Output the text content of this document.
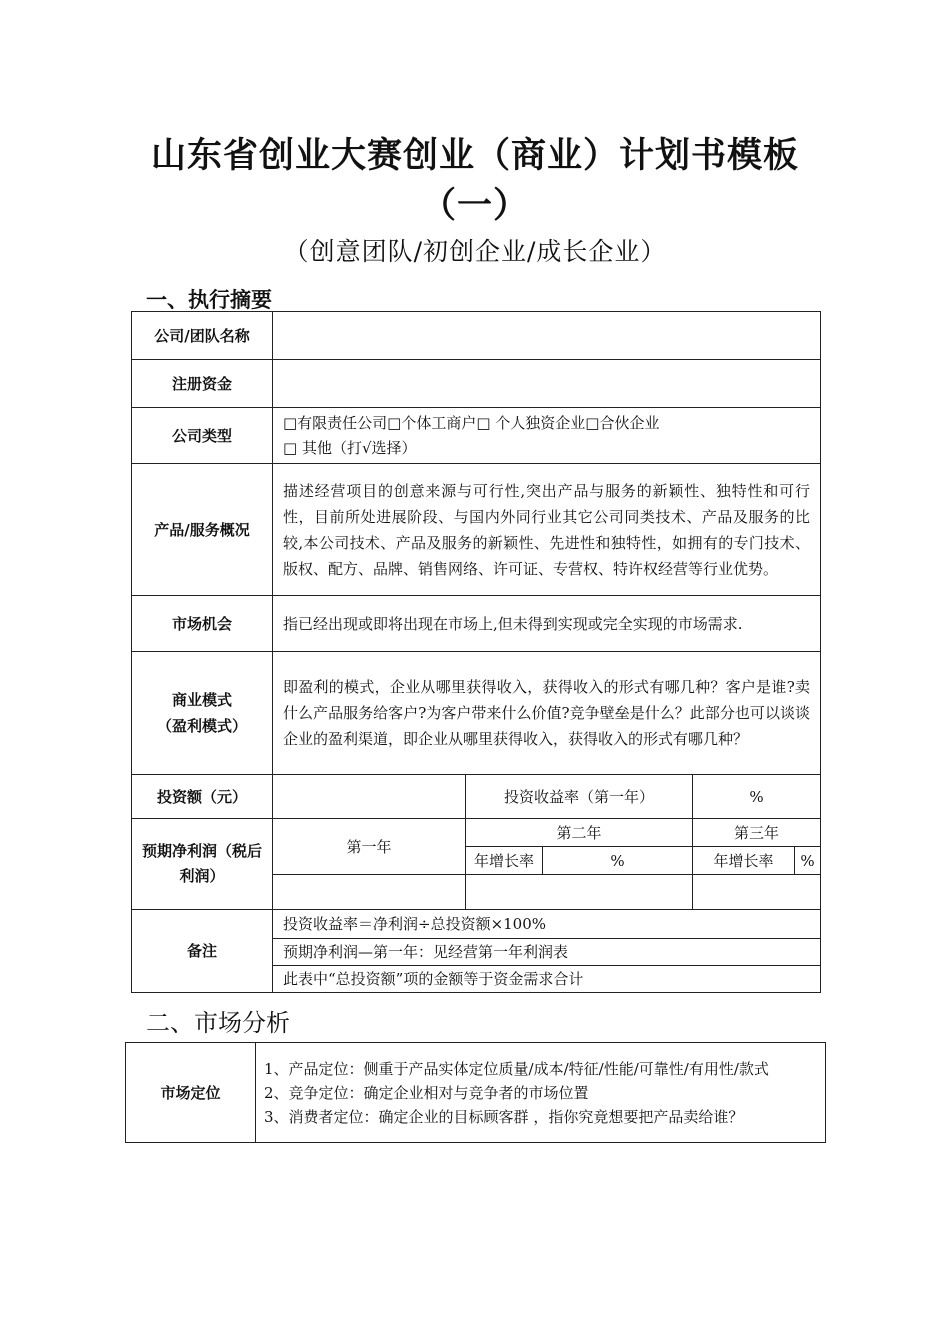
山东省创业大赛创业（商业）计划书模板
（一）
（创意团队/初创企业/成长企业）
一、执行摘要
公司/团队名称					
注册资金					
公司类型	□有限责任公司□个体工商户□ 个人独资企业□合伙企业
□ 其他（打√选择）				

产品/服务概况	描述经营项目的创意来源与可行性,突出产品与服务的新颖性、独特性和可行性，目前所处进展阶段、与国内外同行业其它公司同类技术、产品及服务的比较,本公司技术、产品及服务的新颖性、先进性和独特性，如拥有的专门技术、版权、配方、品牌、销售网络、许可证、专营权、特许权经营等行业优势。				
市场机会	指已经出现或即将出现在市场上,但未得到实现或完全实现的市场需求.				

商业模式
（盈利模式）	即盈利的模式，企业从哪里获得收入，获得收入的形式有哪几种？客户是谁?卖什么产品服务给客户?为客户带来什么价值?竞争壁垒是什么？此部分也可以谈谈企业的盈利渠道，即企业从哪里获得收入，获得收入的形式有哪几种？				
投资额（元）		投资收益率（第一年）		%	
预期净利润（税后利润）	第一年	第二年		第三年	
		年增长率	%	年增长率	%

备注	投资收益率＝净利润÷总投资额×100%				
	预期净利润—第一年：见经营第一年利润表				
	此表中“总投资额”项的金额等于资金需求合计				
二、市场分析
市场定位	
1、产品定位：侧重于产品实体定位质量/成本/特征/性能/可靠性/有用性/款式
2、竞争定位：确定企业相对与竞争者的市场位置
3、消费者定位：确定企业的目标顾客群 ，指你究竟想要把产品卖给谁？
